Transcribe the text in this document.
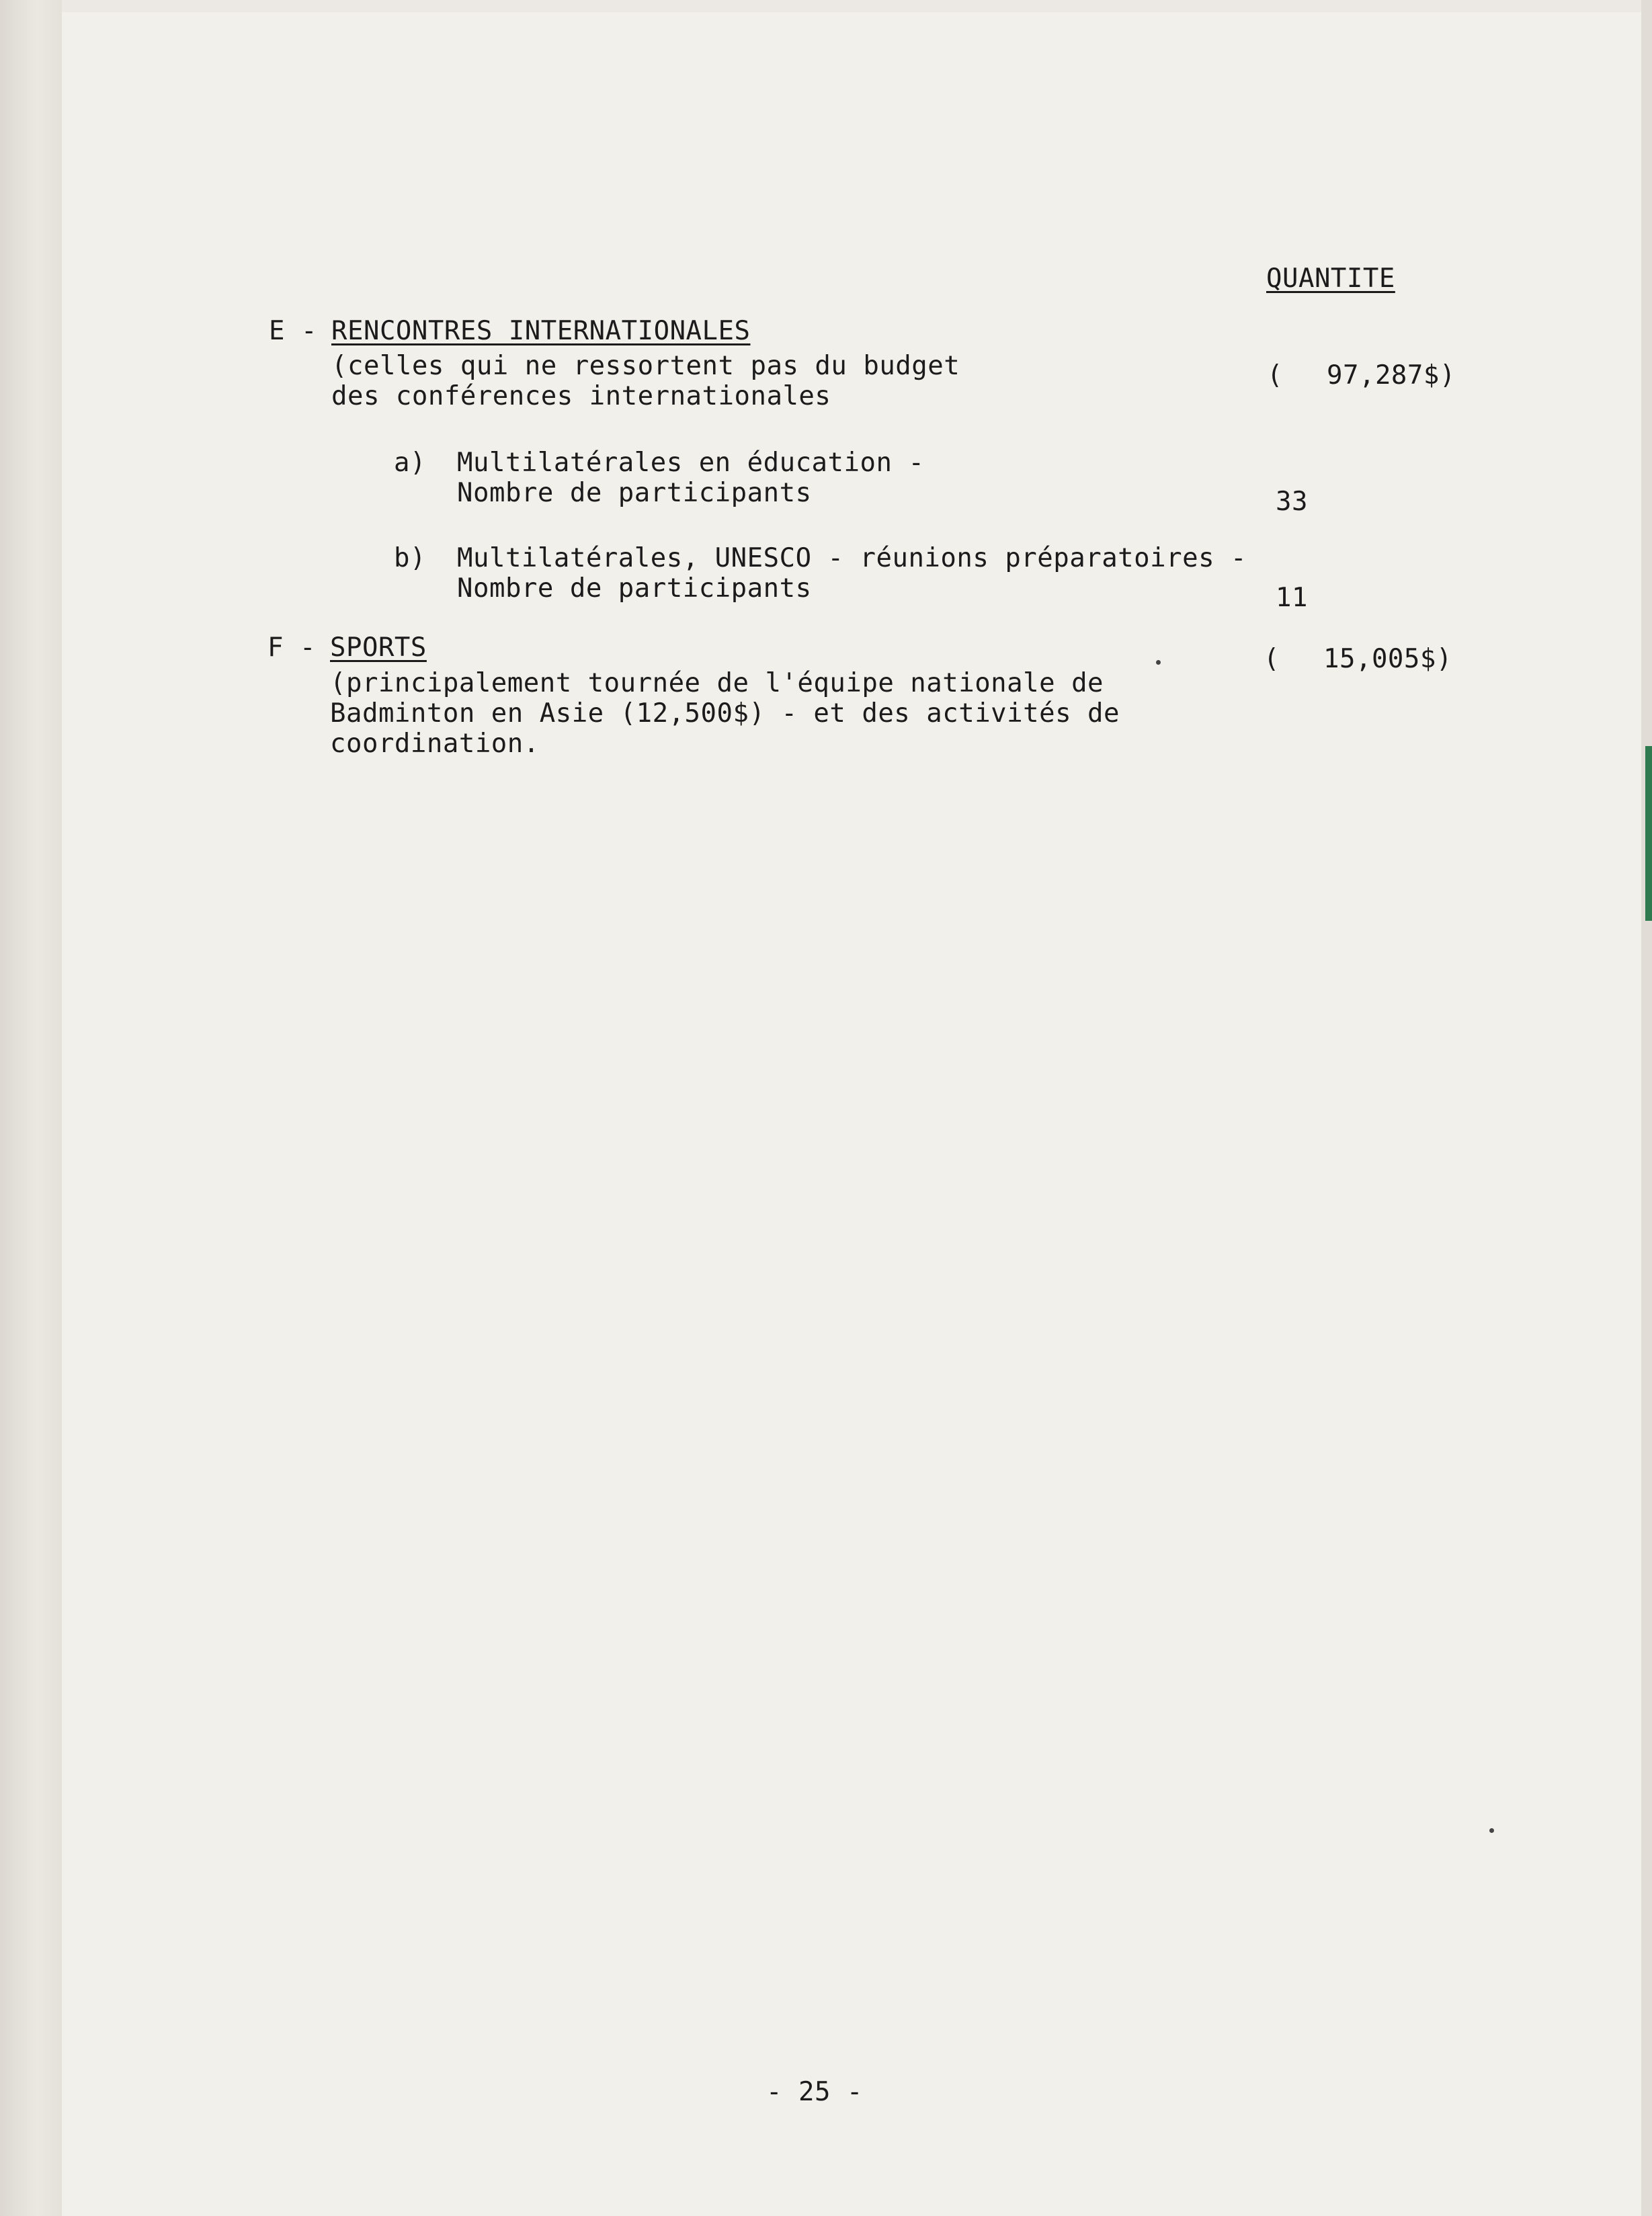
QUANTITE
E - RENCONTRES INTERNATIONALES
(celles qui ne ressortent pas du budget
des conférences internationales
( 97,287$)
a) Multilatérales en éducation -
Nombre de participants	33
b) Multilatérales, UNESCO - réunions préparatoires -
Nombre de participants	11
F - SPORTS
(principalement tournée de l'équipe nationale de
Badminton en Asie (12,500$) - et des activités de
coordination.
( 15,005$)
- 25 -
